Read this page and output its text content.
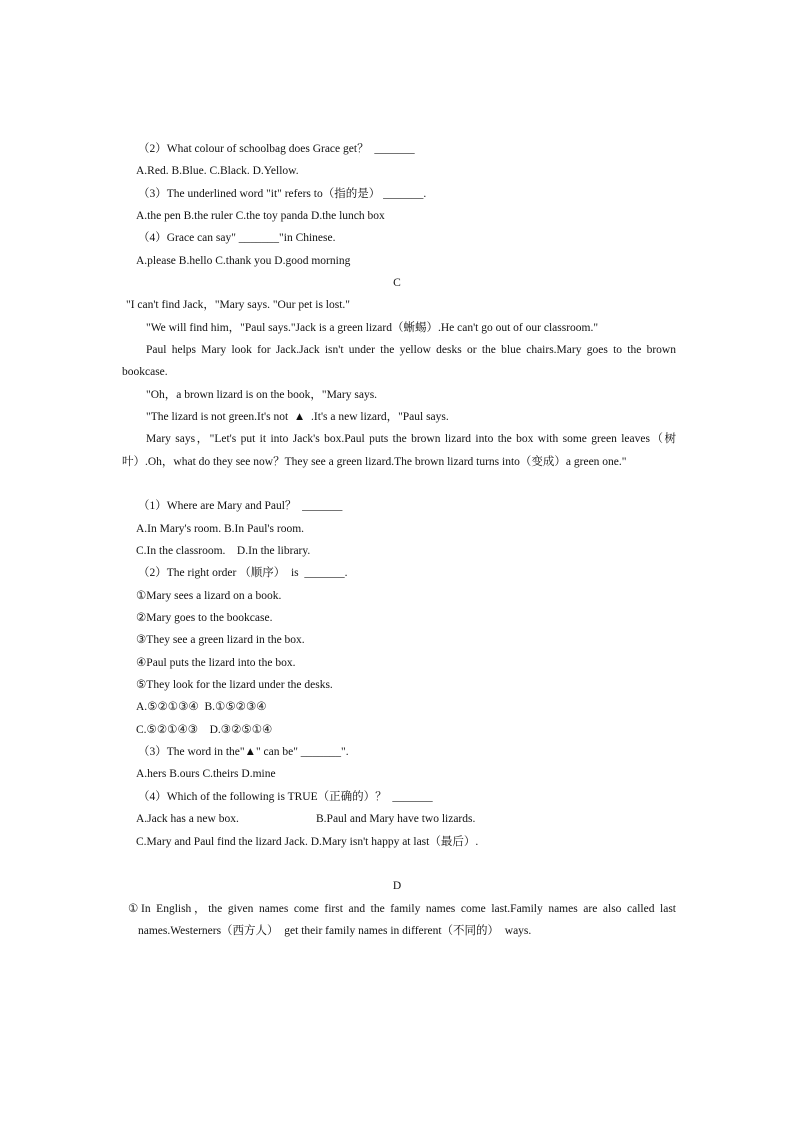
（2）What colour of schoolbag does Grace get？  _______
A.Red. B.Blue. C.Black. D.Yellow.
（3）The underlined word "it" refers to（指的是） _______.
A.the pen B.the ruler C.the toy panda D.the lunch box
（4）Grace can say" _______"in Chinese.
A.please B.hello C.thank you D.good morning
C
"I can't find Jack，"Mary says. "Our pet is lost."
"We will find him，"Paul says."Jack is a green lizard（蜥蜴）.He can't go out of our classroom."
Paul helps Mary look for Jack.Jack isn't under the yellow desks or the blue chairs.Mary goes to the brown
bookcase.
"Oh，a brown lizard is on the book，"Mary says.
"The lizard is not green.It's not  ▲  .It's a new lizard，"Paul says.
Mary says，"Let's put it into Jack's box.Paul puts the brown lizard into the box with some green leaves（树
叶）.Oh，what do they see now？They see a green lizard.The brown lizard turns into（变成）a green one."
（1）Where are Mary and Paul？  _______
A.In Mary's room. B.In Paul's room.
C.In the classroom.    D.In the library.
（2）The right order （顺序）  is  _______.
①Mary sees a lizard on a book.
②Mary goes to the bookcase.
③They see a green lizard in the box.
④Paul puts the lizard into the box.
⑤They look for the lizard under the desks.
A.⑤②①③④  B.①⑤②③④
C.⑤②①④③    D.③②⑤①④
（3）The word in the"▲" can be" _______".
A.hers B.ours C.theirs D.mine
（4）Which of the following is TRUE（正确的）？  _______
A.Jack has a new box.	B.Paul and Mary have two lizards.
C.Mary and Paul find the lizard Jack. D.Mary isn't happy at last（最后）.
D
①In English，the given names come first and the family names come last.Family names are also called last
names.Westerners（西方人）  get their family names in different（不同的）  ways.
